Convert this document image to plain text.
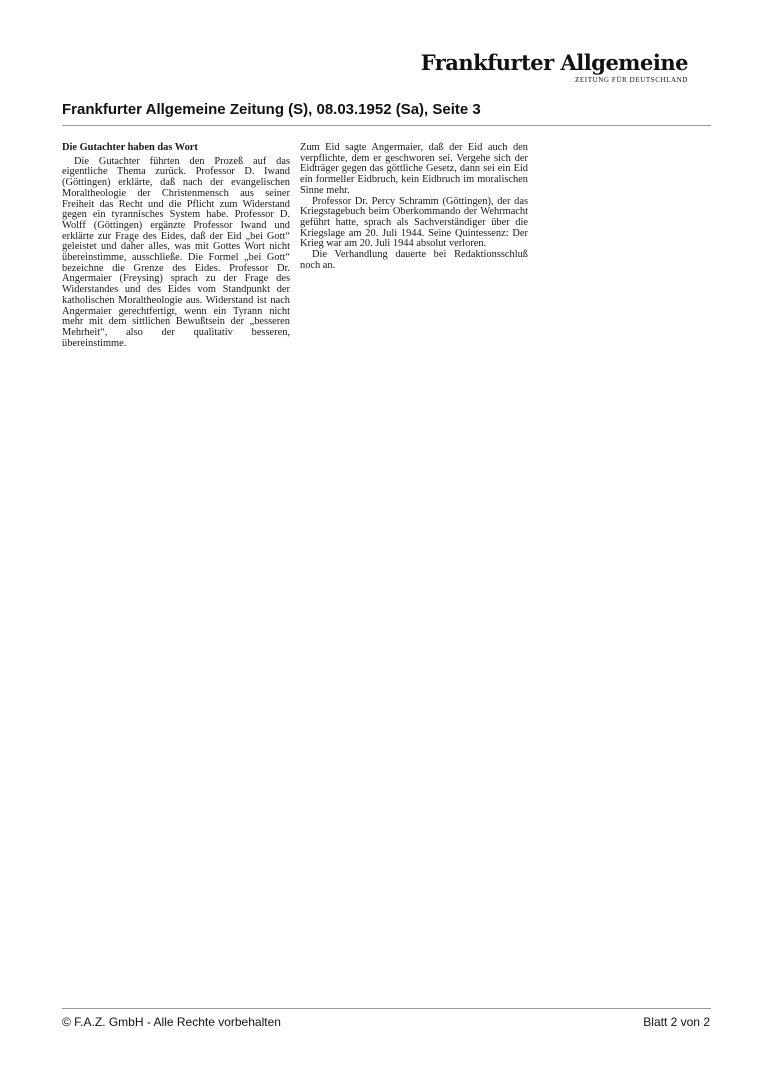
Frankfurter Allgemeine
ZEITUNG FÜR DEUTSCHLAND
Frankfurter Allgemeine Zeitung (S), 08.03.1952 (Sa), Seite 3
Die Gutachter haben das Wort

Die Gutachter führten den Prozeß auf das eigentliche Thema zurück. Professor D. Iwand (Göttingen) erklärte, daß nach der evangelischen Moraltheologie der Christenmensch aus seiner Freiheit das Recht und die Pflicht zum Widerstand gegen ein tyrannisches System habe. Professor D. Wolff (Göttingen) ergänzte Professor Iwand und erklärte zur Frage des Eides, daß der Eid „bei Gott“ geleistet und daher alles, was mit Gottes Wort nicht übereinstimme, ausschließe. Die Formel „bei Gott“ bezeichne die Grenze des Eides. Professor Dr. Angermaier (Freysing) sprach zu der Frage des Widerstandes und des Eides vom Standpunkt der katholischen Moraltheologie aus. Widerstand ist nach Angermaier gerechtfertigt, wenn ein Tyrann nicht mehr mit dem sittlichen Bewußtsein der „besseren Mehrheit“, also der qualitativ besseren, übereinstimme.

Zum Eid sagte Angermaier, daß der Eid auch den verpflichte, dem er geschworen sei. Vergehe sich der Eidträger gegen das göttliche Gesetz, dann sei ein Eid ein formeller Eidbruch, kein Eidbruch im moralischen Sinne mehr.

Professor Dr. Percy Schramm (Göttingen), der das Kriegstagebuch beim Oberkommando der Wehrmacht geführt hatte, sprach als Sachverständiger über die Kriegslage am 20. Juli 1944. Seine Quintessenz: Der Krieg war am 20. Juli 1944 absolut verloren.

Die Verhandlung dauerte bei Redaktionsschluß noch an.

© F.A.Z. GmbH - Alle Rechte vorbehalten	Blatt 2 von 2
